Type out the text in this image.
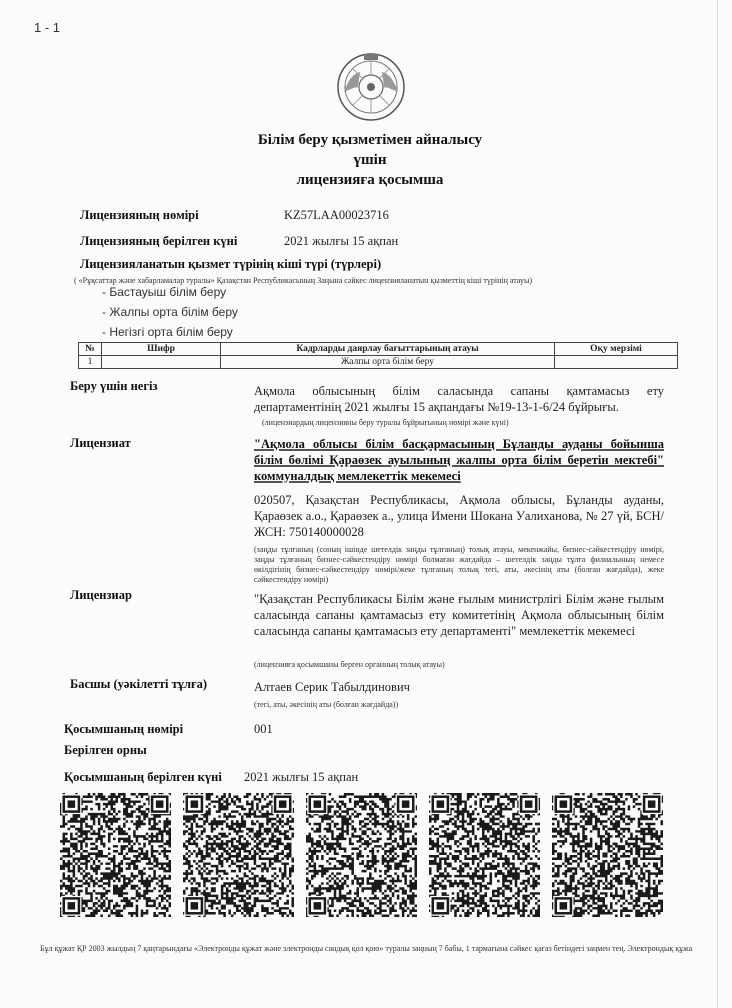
1 - 1
Білім беру қызметімен айналысу
үшін
лицензияға қосымша
Лицензияның нөмірі	KZ57LAA00023716
Лицензияның берілген күні	2021 жылғы 15 ақпан
Лицензияланатын қызмет түрінің кіші түрі (түрлері)
( «Рұқсаттар және хабарламалар туралы» Қазақстан Республикасының Заңына сәйкес лицензияланатын қызметтің кіші түрінің атауы)
- Бастауыш білім беру
- Жалпы орта білім беру
- Негізгі орта білім беру
№	Шифр	Кадрларды даярлау бағыттарының атауы	Оқу мерзімі
1		Жалпы орта білім беру	
Беру үшін негіз	Ақмола облысының білім саласында сапаны қамтамасыз ету департаментінің 2021 жылғы 15 ақпандағы №19-13-1-6/24 бұйрығы.
(лицензиардың лицензияны беру туралы бұйрығының нөмірі және күні)
Лицензиат	"Ақмола облысы білім басқармасының Бұланды ауданы бойынша білім бөлімі Қараөзек ауылының жалпы орта білім беретін мектебі" коммуналдық мемлекеттік мекемесі
020507, Қазақстан Республикасы, Ақмола облысы, Бұланды ауданы, Қараөзек а.о., Қараөзек а., улица Имени Шокана Уалиханова, № 27 үй, БСН/ЖСН: 750140000028
(заңды тұлғаның (соның ішінде шетелдік заңды тұлғаның) толық атауы, мекенжайы, бизнес-сәйкестендіру нөмірі, заңды тұлғаның бизнес-сәйкестендіру нөмірі болмаған жағдайда – шетелдік заңды тұлға филиалының немесе өкілдігінің бизнес-сәйкестендіру нөмірі/жеке тұлғаның толық тегі, аты, әкесінің аты (болған жағдайда), жеке сәйкестендіру нөмірі)
Лицензиар	"Қазақстан Республикасы Білім және ғылым министрлігі Білім және ғылым саласында сапаны қамтамасыз ету комитетінің Ақмола облысының білім саласында сапаны қамтамасыз ету департаменті" мемлекеттік мекемесі
(лицензияға қосымшаны берген органның толық атауы)
Басшы (уәкілетті тұлға)	Алтаев Серик Табылдинович
(тегі, аты, әкесінің аты (болған жағдайда))
Қосымшаның нөмірі	001
Берілген орны
Қосымшаның берілген күні 2021 жылғы 15 ақпан
Бұл құжат ҚР 2003 жылдың 7 қаңтарындағы «Электронды құжат және электронды сандық қол қою» туралы заңның 7 бабы, 1 тармағына сәйкес қағаз бетіндегі заңмен тең. Электрондық құжа
